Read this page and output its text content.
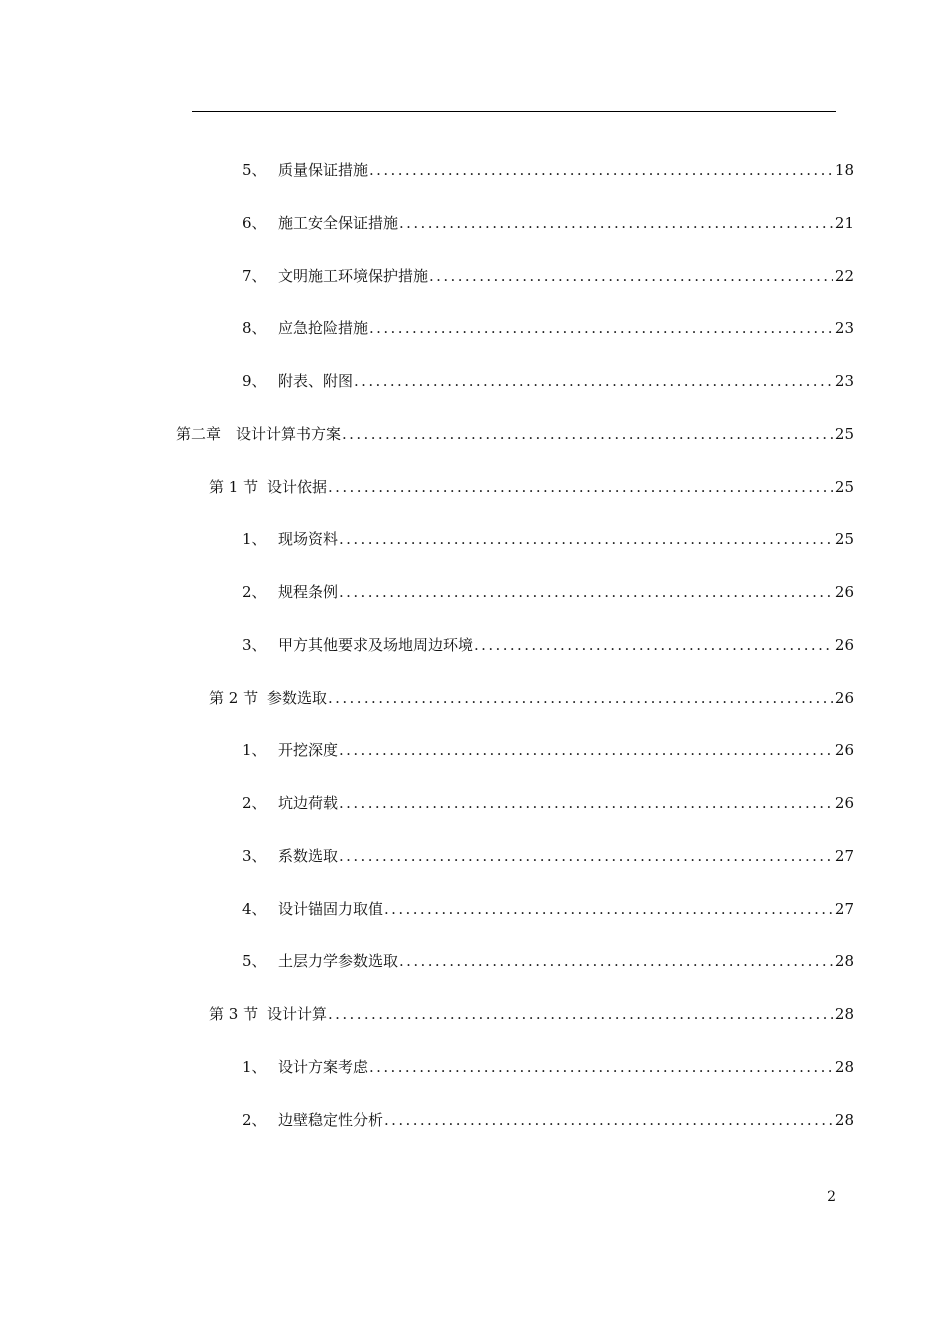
5、 质量保证措施 .....	18
6、 施工安全保证措施 .....	21
7、 文明施工环境保护措施 .....	22
8、 应急抢险措施 .....	23
9、 附表、附图 .....	23
第二章 设计计算书方案 .....	25
第 1 节 设计依据 .....	25
1、 现场资料 .....	25
2、 规程条例 .....	26
3、 甲方其他要求及场地周边环境 .....	26
第 2 节 参数选取 .....	26
1、 开挖深度 .....	26
2、 坑边荷载 .....	26
3、 系数选取 .....	27
4、 设计锚固力取值 .....	27
5、 土层力学参数选取 .....	28
第 3 节 设计计算 .....	28
1、 设计方案考虑 .....	28
2、 边壁稳定性分析 .....	28
2
